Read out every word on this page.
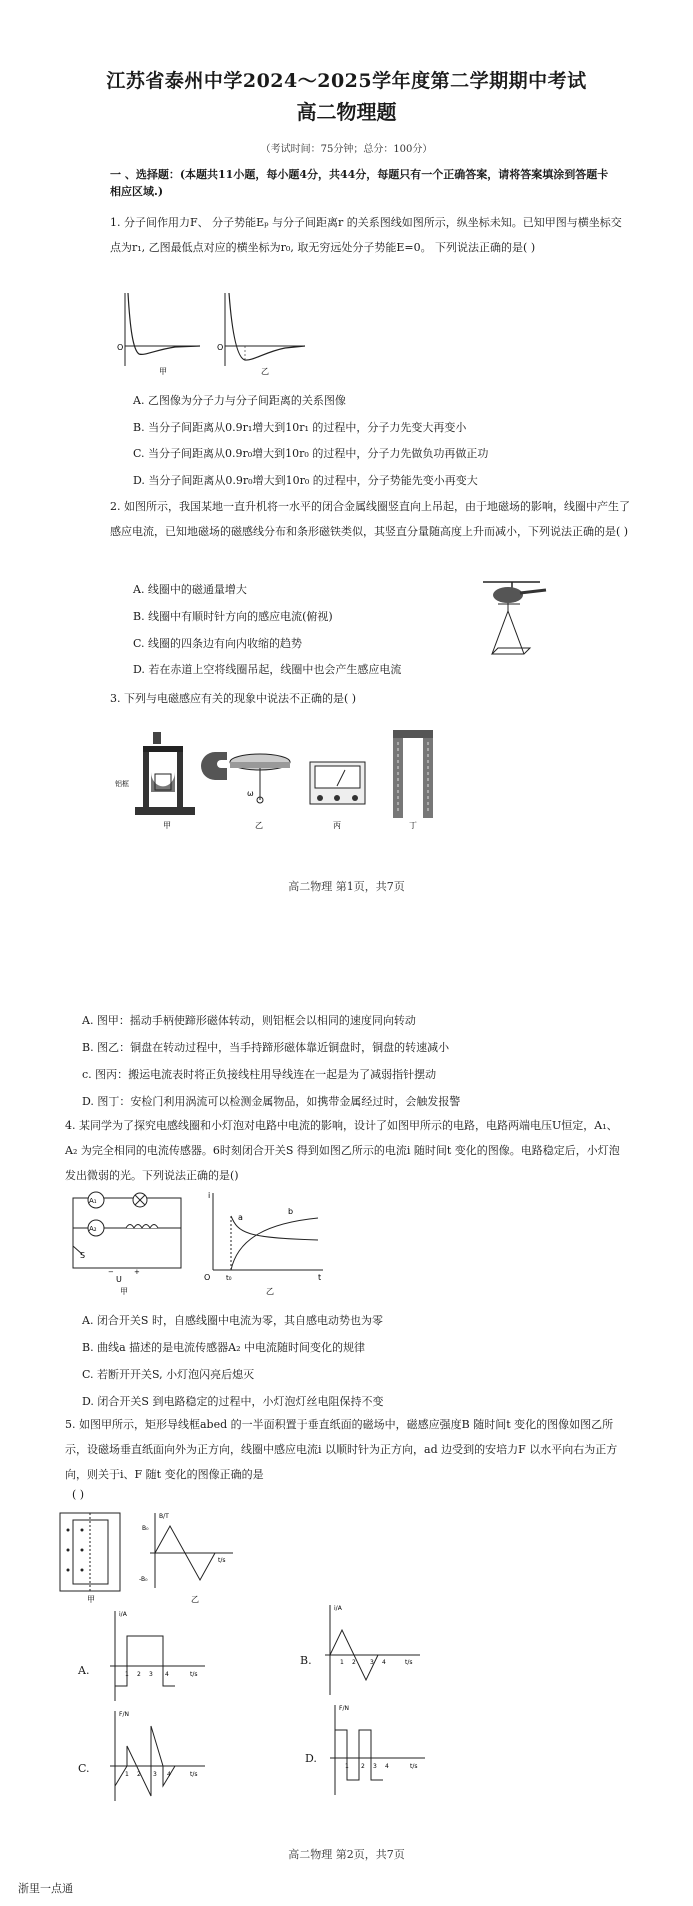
江苏省泰州中学2024～2025学年度第二学期期中考试
高二物理题
（考试时间：75分钟；总分：100分）
一 、选择题：(本题共11小题，每小题4分，共44分，每题只有一个正确答案，请将答案填涂到答题卡相应区域.)
1. 分子间作用力F、 分子势能Eₚ 与分子间距离r 的关系图线如图所示，纵坐标未知。已知甲图与横坐标交点为r₁, 乙图最低点对应的横坐标为r₀, 取无穷远处分子势能E=0。 下列说法正确的是( )
O
甲
O
乙
A. 乙图像为分子力与分子间距离的关系图像
B. 当分子间距离从0.9r₁增大到10r₁ 的过程中，分子力先变大再变小
C. 当分子间距离从0.9r₀增大到10r₀ 的过程中，分子力先做负功再做正功
D. 当分子间距离从0.9r₀增大到10r₀ 的过程中，分子势能先变小再变大
2. 如图所示，我国某地一直升机将一水平的闭合金属线圈竖直向上吊起，由于地磁场的影响，线圈中产生了感应电流，已知地磁场的磁感线分布和条形磁铁类似，其竖直分量随高度上升而减小，下列说法正确的是( )
A. 线圈中的磁通量增大
B. 线圈中有顺时针方向的感应电流(俯视)
C. 线圈的四条边有向内收缩的趋势
D. 若在赤道上空将线圈吊起，线圈中也会产生感应电流
3. 下列与电磁感应有关的现象中说法不正确的是( )
铝框
甲
ω
乙	丙	丁
高二物理 第1页，共7页
A. 图甲：摇动手柄使蹄形磁体转动，则铝框会以相同的速度同向转动
B. 图乙：铜盘在转动过程中，当手持蹄形磁体靠近铜盘时，铜盘的转速减小
c. 图丙：搬运电流表时将正负接线柱用导线连在一起是为了减弱指针摆动
D. 图丁：安检门利用涡流可以检测金属物品，如携带金属经过时，会触发报警
4. 某同学为了探究电感线圈和小灯泡对电路中电流的影响，设计了如图甲所示的电路，电路两端电压U恒定，A₁、A₂ 为完全相同的电流传感器。6时刻闭合开关S 得到如图乙所示的电流i 随时间t 变化的图像。电路稳定后，小灯泡发出微弱的光。下列说法正确的是()
A₁
A₂
S
U
−	+
甲
i
t
O t₀
a
b
乙
A. 闭合开关S 时，自感线圈中电流为零，其自感电动势也为零
B. 曲线a 描述的是电流传感器A₂ 中电流随时间变化的规律
C. 若断开开关S, 小灯泡闪亮后熄灭
D. 闭合开关S 到电路稳定的过程中，小灯泡灯丝电阻保持不变
5. 如图甲所示，矩形导线框abed 的一半面积置于垂直纸面的磁场中，磁感应强度B 随时间t 变化的图像如图乙所示，设磁场垂直纸面向外为正方向，线圈中感应电流i 以顺时针为正方向，ad 边受到的安培力F 以水平向右为正方向，则关于i、F 随t 变化的图像正确的是
( )
甲
B/T
B₀
-B₀
t/s
乙
A.
i/A
1 2 3 4	t/s
B.
i/A
1 2 3 4	t/s
C.
F/N
1 2 3 4	t/s
D.
F/N
1 2 3 4	t/s
高二物理 第2页，共7页
浙里一点通
